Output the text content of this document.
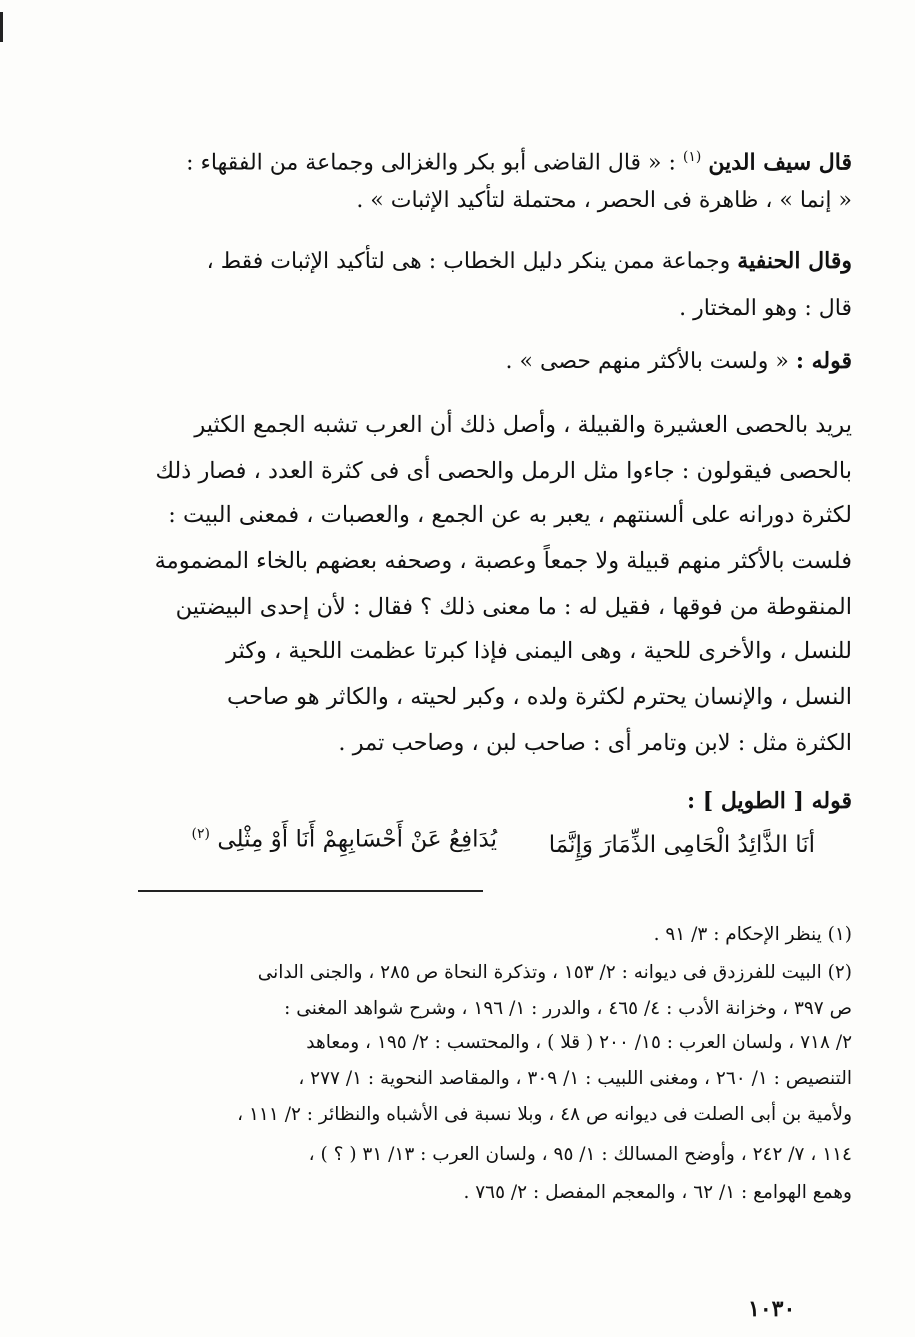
قال سيف الدين $^{(١)}$ : « قال القاضى أبو بكر والغزالى وجماعة من الفقهاء :
« إنما » ، ظاهرة فى الحصر ، محتملة لتأكيد الإثبات » .
وقال الحنفية وجماعة ممن ينكر دليل الخطاب : هى لتأكيد الإثبات فقط ،
قال : وهو المختار .
قوله : « ولست بالأكثر منهم حصى » .
يريد بالحصى العشيرة والقبيلة ، وأصل ذلك أن العرب تشبه الجمع الكثير
بالحصى فيقولون : جاءوا مثل الرمل والحصى أى فى كثرة العدد ، فصار ذلك
لكثرة دورانه على ألسنتهم ، يعبر به عن الجمع ، والعصبات ، فمعنى البيت :
فلست بالأكثر منهم قبيلة ولا جمعاً وعصبة ، وصحفه بعضهم بالخاء المضمومة
المنقوطة من فوقها ، فقيل له : ما معنى ذلك ؟ فقال : لأن إحدى البيضتين
للنسل ، والأخرى للحية ، وهى اليمنى فإذا كبرتا عظمت اللحية ، وكثر
النسل ، والإنسان يحترم لكثرة ولده ، وكبر لحيته ، والكاثر هو صاحب
الكثرة مثل : لابن وتامر أى : صاحب لبن ، وصاحب تمر .
قوله [ الطويل ] :
أنَا الذَّائِدُ الْحَامِى الذِّمَارَ وَإِنَّمَا
يُدَافِعُ عَنْ أَحْسَابِهِمْ أَنَا أَوْ مِثْلِى $^{(٢)}$
(١) ينظر الإحكام : ٣/ ٩١ .
(٢) البيت للفرزدق فى ديوانه : ٢/ ١٥٣ ، وتذكرة النحاة ص ٢٨٥ ، والجنى الدانى
ص ٣٩٧ ، وخزانة الأدب : ٤/ ٤٦٥ ، والدرر : ١/ ١٩٦ ، وشرح شواهد المغنى :
٢/ ٧١٨ ، ولسان العرب : ١٥/ ٢٠٠ ( قلا ) ، والمحتسب : ٢/ ١٩٥ ، ومعاهد
التنصيص : ١/ ٢٦٠ ، ومغنى اللبيب : ١/ ٣٠٩ ، والمقاصد النحوية : ١/ ٢٧٧ ،
ولأمية بن أبى الصلت فى ديوانه ص ٤٨ ، وبلا نسبة فى الأشباه والنظائر : ٢/ ١١١ ،
١١٤ ، ٧/ ٢٤٢ ، وأوضح المسالك : ١/ ٩٥ ، ولسان العرب : ١٣/ ٣١ ( ؟ ) ،
وهمع الهوامع : ١/ ٦٢ ، والمعجم المفصل : ٢/ ٧٦٥ .
١٠٣٠
